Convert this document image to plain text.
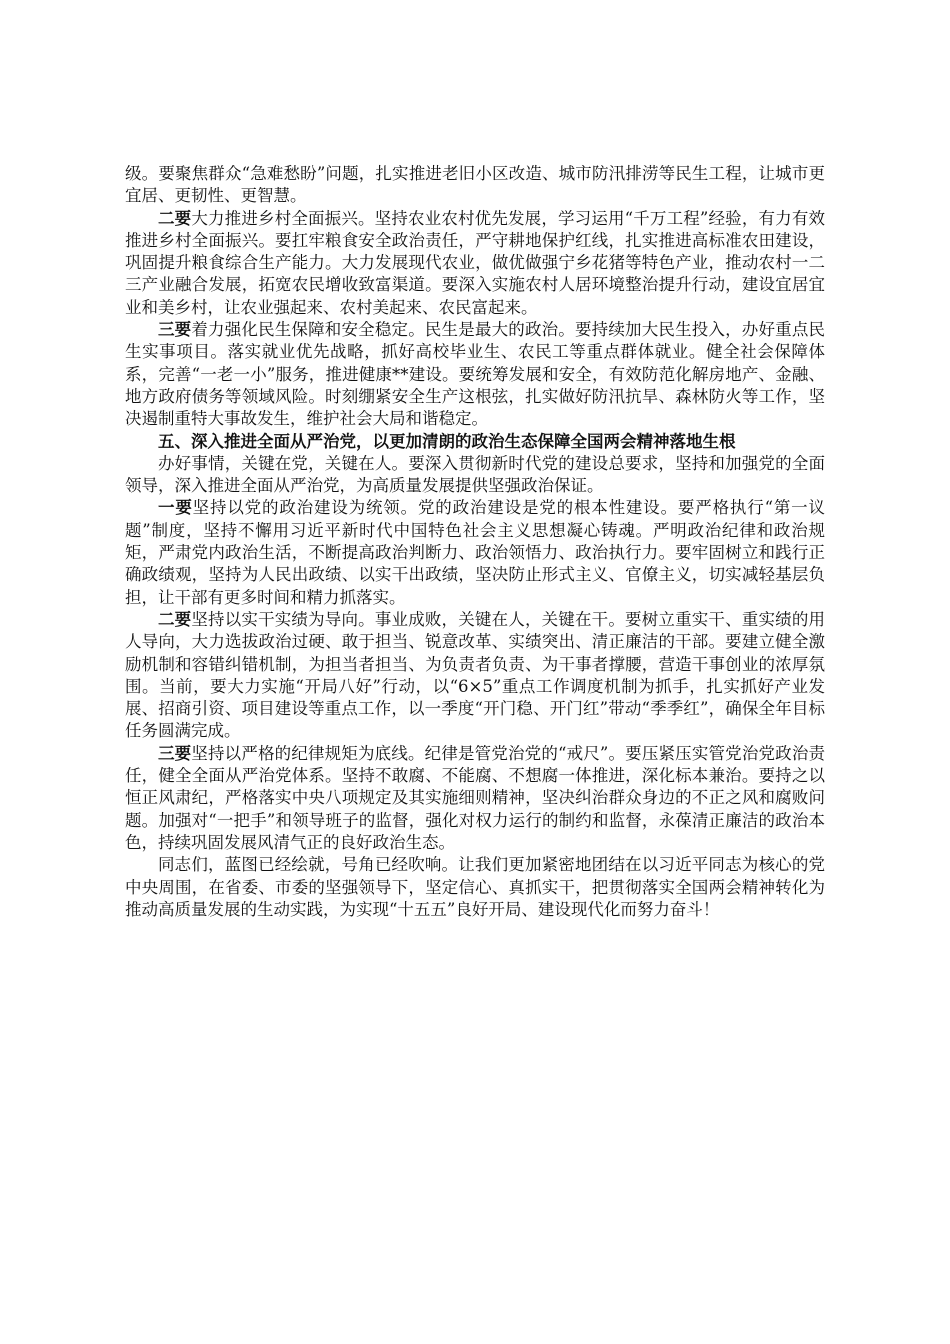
级。要聚焦群众“急难愁盼”问题，扎实推进老旧小区改造、城市防汛排涝等民生工程，让城市更宜居、更韧性、更智慧。

二要大力推进乡村全面振兴。坚持农业农村优先发展，学习运用“千万工程”经验，有力有效推进乡村全面振兴。要扛牢粮食安全政治责任，严守耕地保护红线，扎实推进高标准农田建设，巩固提升粮食综合生产能力。大力发展现代农业，做优做强宁乡花猪等特色产业，推动农村一二三产业融合发展，拓宽农民增收致富渠道。要深入实施农村人居环境整治提升行动，建设宜居宜业和美乡村，让农业强起来、农村美起来、农民富起来。

三要着力强化民生保障和安全稳定。民生是最大的政治。要持续加大民生投入，办好重点民生实事项目。落实就业优先战略，抓好高校毕业生、农民工等重点群体就业。健全社会保障体系，完善“一老一小”服务，推进健康**建设。要统筹发展和安全，有效防范化解房地产、金融、地方政府债务等领域风险。时刻绷紧安全生产这根弦，扎实做好防汛抗旱、森林防火等工作，坚决遏制重特大事故发生，维护社会大局和谐稳定。

五、深入推进全面从严治党，以更加清朗的政治生态保障全国两会精神落地生根

办好事情，关键在党，关键在人。要深入贯彻新时代党的建设总要求，坚持和加强党的全面领导，深入推进全面从严治党，为高质量发展提供坚强政治保证。

一要坚持以党的政治建设为统领。党的政治建设是党的根本性建设。要严格执行“第一议题”制度，坚持不懈用习近平新时代中国特色社会主义思想凝心铸魂。严明政治纪律和政治规矩，严肃党内政治生活，不断提高政治判断力、政治领悟力、政治执行力。要牢固树立和践行正确政绩观，坚持为人民出政绩、以实干出政绩，坚决防止形式主义、官僚主义，切实减轻基层负担，让干部有更多时间和精力抓落实。

二要坚持以实干实绩为导向。事业成败，关键在人，关键在干。要树立重实干、重实绩的用人导向，大力选拔政治过硬、敢于担当、锐意改革、实绩突出、清正廉洁的干部。要建立健全激励机制和容错纠错机制，为担当者担当、为负责者负责、为干事者撑腰，营造干事创业的浓厚氛围。当前，要大力实施“开局八好”行动，以“6×5”重点工作调度机制为抓手，扎实抓好产业发展、招商引资、项目建设等重点工作，以一季度“开门稳、开门红”带动“季季红”，确保全年目标任务圆满完成。

三要坚持以严格的纪律规矩为底线。纪律是管党治党的“戒尺”。要压紧压实管党治党政治责任，健全全面从严治党体系。坚持不敢腐、不能腐、不想腐一体推进，深化标本兼治。要持之以恒正风肃纪，严格落实中央八项规定及其实施细则精神，坚决纠治群众身边的不正之风和腐败问题。加强对“一把手”和领导班子的监督，强化对权力运行的制约和监督，永葆清正廉洁的政治本色，持续巩固发展风清气正的良好政治生态。

同志们，蓝图已经绘就，号角已经吹响。让我们更加紧密地团结在以习近平同志为核心的党中央周围，在省委、市委的坚强领导下，坚定信心、真抓实干，把贯彻落实全国两会精神转化为推动高质量发展的生动实践，为实现“十五五”良好开局、建设现代化而努力奋斗！
